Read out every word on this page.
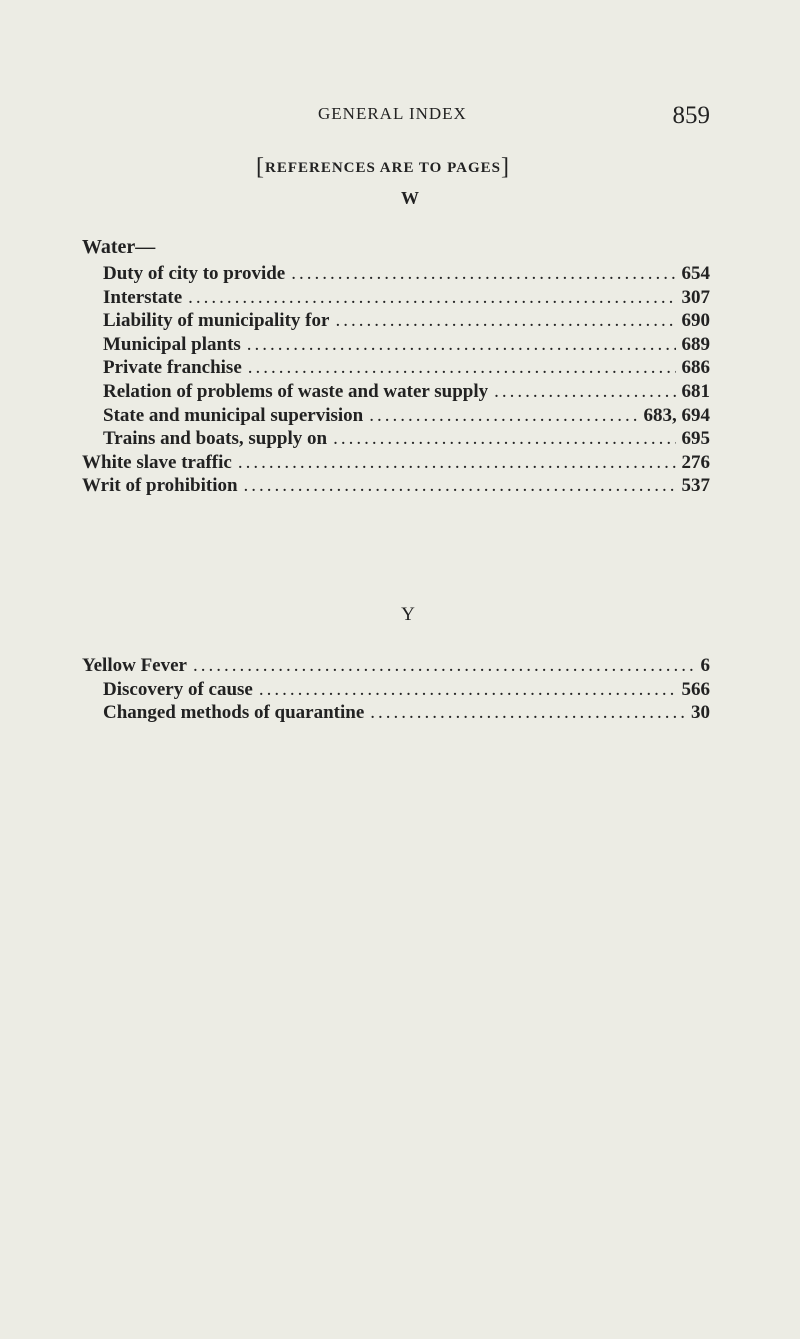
GENERAL INDEX	859
[REFERENCES ARE TO PAGES]
W
Water—
Duty of city to provide .....	654
Interstate .....	307
Liability of municipality for .....	690
Municipal plants .....	689
Private franchise .....	686
Relation of problems of waste and water supply .....	681
State and municipal supervision .....	683, 694
Trains and boats, supply on .....	695
White slave traffic .....	276
Writ of prohibition .....	537
Y
Yellow Fever .....	6
Discovery of cause .....	566
Changed methods of quarantine .....	30
